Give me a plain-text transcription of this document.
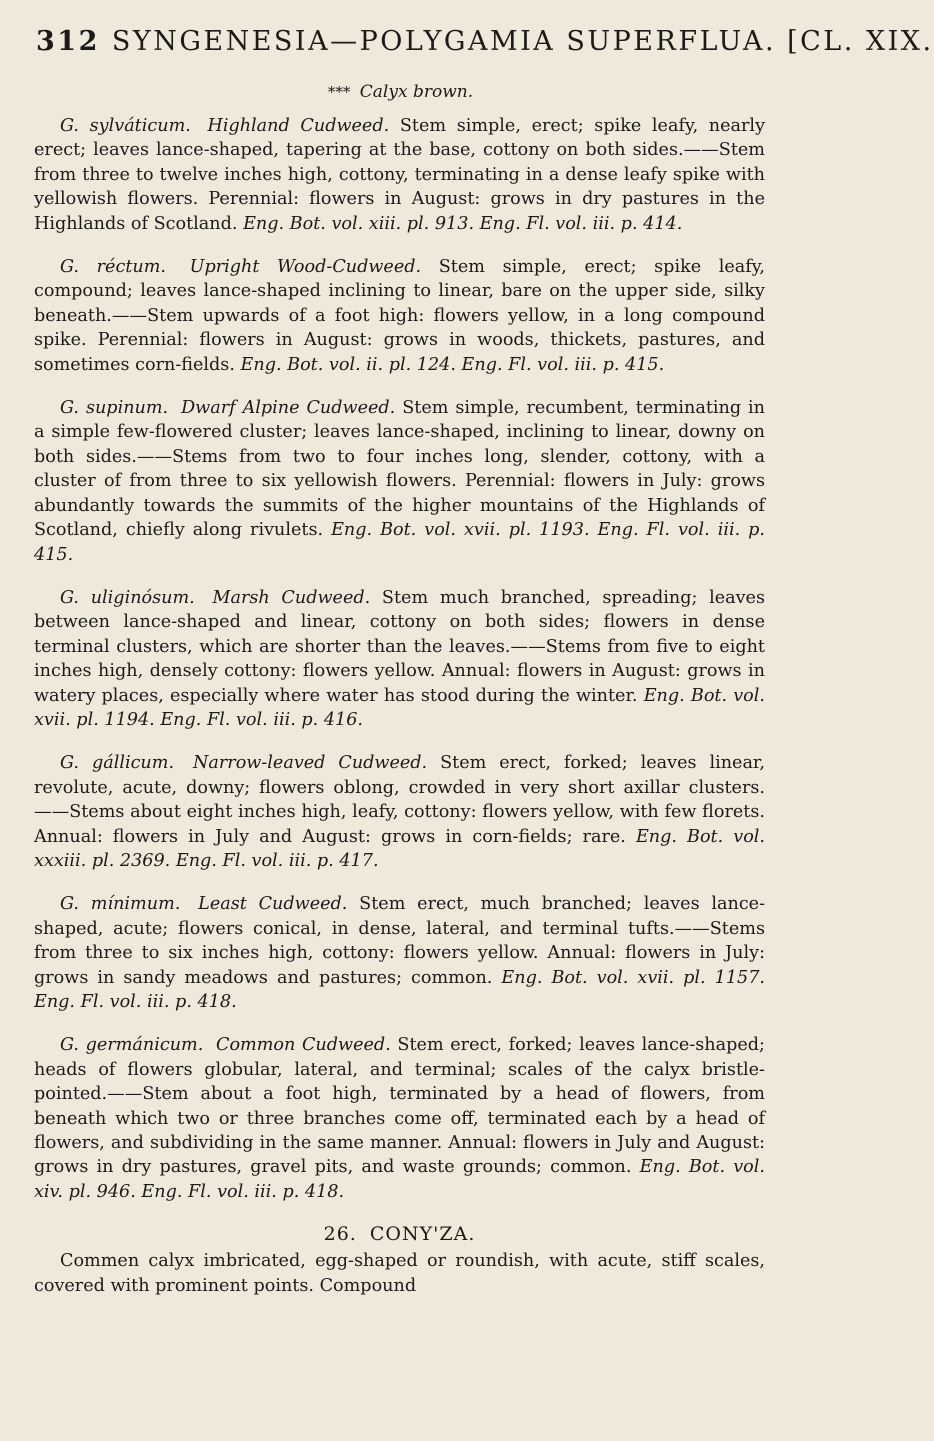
312 SYNGENESIA—POLYGAMIA SUPERFLUA. [CL. XIX.
*** Calyx brown.

G. sylváticum. Highland Cudweed. Stem simple, erect; spike leafy, nearly erect; leaves lance-shaped, tapering at the base, cottony on both sides.——Stem from three to twelve inches high, cottony, terminating in a dense leafy spike with yellowish flowers. Perennial: flowers in August: grows in dry pastures in the Highlands of Scotland. Eng. Bot. vol. xiii. pl. 913. Eng. Fl. vol. iii. p. 414.

G. réctum. Upright Wood-Cudweed. Stem simple, erect; spike leafy, compound; leaves lance-shaped inclining to linear, bare on the upper side, silky beneath.——Stem upwards of a foot high: flowers yellow, in a long compound spike. Perennial: flowers in August: grows in woods, thickets, pastures, and sometimes corn-fields. Eng. Bot. vol. ii. pl. 124. Eng. Fl. vol. iii. p. 415.

G. supinum. Dwarf Alpine Cudweed. Stem simple, recumbent, terminating in a simple few-flowered cluster; leaves lance-shaped, inclining to linear, downy on both sides.——Stems from two to four inches long, slender, cottony, with a cluster of from three to six yellowish flowers. Perennial: flowers in July: grows abundantly towards the summits of the higher mountains of the Highlands of Scotland, chiefly along rivulets. Eng. Bot. vol. xvii. pl. 1193. Eng. Fl. vol. iii. p. 415.

G. uliginósum. Marsh Cudweed. Stem much branched, spreading; leaves between lance-shaped and linear, cottony on both sides; flowers in dense terminal clusters, which are shorter than the leaves.——Stems from five to eight inches high, densely cottony: flowers yellow. Annual: flowers in August: grows in watery places, especially where water has stood during the winter. Eng. Bot. vol. xvii. pl. 1194. Eng. Fl. vol. iii. p. 416.

G. gállicum. Narrow-leaved Cudweed. Stem erect, forked; leaves linear, revolute, acute, downy; flowers oblong, crowded in very short axillar clusters.——Stems about eight inches high, leafy, cottony: flowers yellow, with few florets. Annual: flowers in July and August: grows in corn-fields; rare. Eng. Bot. vol. xxxiii. pl. 2369. Eng. Fl. vol. iii. p. 417.

G. mínimum. Least Cudweed. Stem erect, much branched; leaves lance-shaped, acute; flowers conical, in dense, lateral, and terminal tufts.——Stems from three to six inches high, cottony: flowers yellow. Annual: flowers in July: grows in sandy meadows and pastures; common. Eng. Bot. vol. xvii. pl. 1157. Eng. Fl. vol. iii. p. 418.

G. germánicum. Common Cudweed. Stem erect, forked; leaves lance-shaped; heads of flowers globular, lateral, and terminal; scales of the calyx bristle-pointed.——Stem about a foot high, terminated by a head of flowers, from beneath which two or three branches come off, terminated each by a head of flowers, and subdividing in the same manner. Annual: flowers in July and August: grows in dry pastures, gravel pits, and waste grounds; common. Eng. Bot. vol. xiv. pl. 946. Eng. Fl. vol. iii. p. 418.

26. CONY'ZA.

Commen calyx imbricated, egg-shaped or roundish, with acute, stiff scales, covered with prominent points. Compound
